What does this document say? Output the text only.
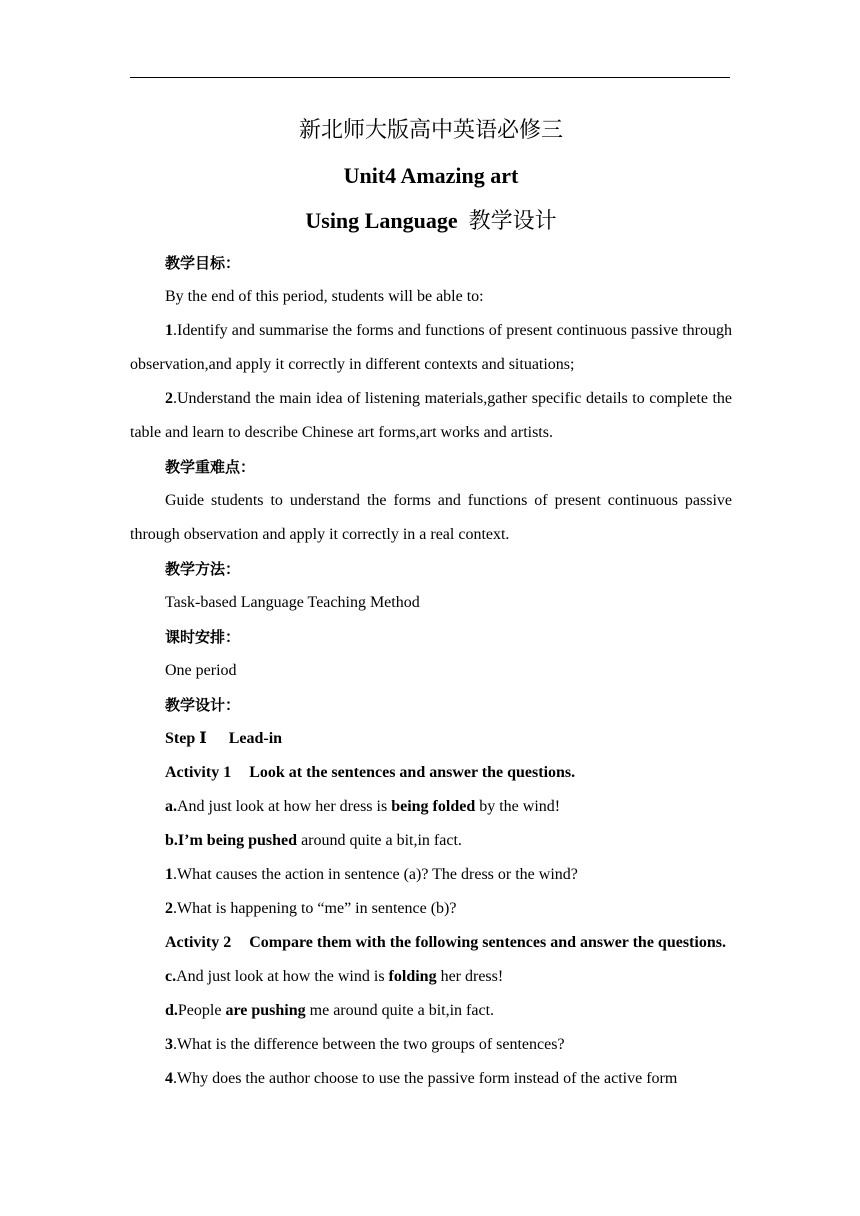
新北师大版高中英语必修三
Unit4 Amazing art
Using Language 教学设计
教学目标：
By the end of this period, students will be able to:
1.Identify and summarise the forms and functions of present continuous passive through observation,and apply it correctly in different contexts and situations;
2.Understand the main idea of listening materials,gather specific details to complete the table and learn to describe Chinese art forms,art works and artists.
教学重难点：
Guide students to understand the forms and functions of present continuous passive through observation and apply it correctly in a real context.
教学方法：
Task-based Language Teaching Method
课时安排：
One period
教学设计：
Step Ⅰ Lead-in
Activity 1 Look at the sentences and answer the questions.
a.And just look at how her dress is being folded by the wind!
b.I’m being pushed around quite a bit,in fact.
1.What causes the action in sentence (a)? The dress or the wind?
2.What is happening to “me” in sentence (b)?
Activity 2 Compare them with the following sentences and answer the questions.
c.And just look at how the wind is folding her dress!
d.People are pushing me around quite a bit,in fact.
3.What is the difference between the two groups of sentences?
4.Why does the author choose to use the passive form instead of the active form
